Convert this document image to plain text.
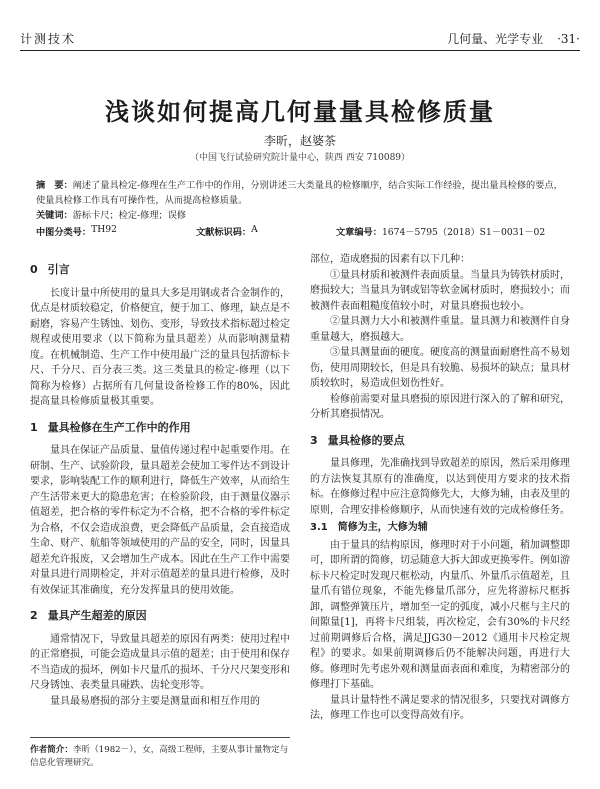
计测技术	几何量、光学专业 ·31·
浅谈如何提高几何量量具检修质量
李昕，赵婆茶
（中国飞行试验研究院计量中心，陕西 西安 710089）
摘　要：阐述了量具检定-修理在生产工作中的作用，分别讲述三大类量具的检修顺序，结合实际工作经验，提出量具检修的要点，使量具检修工作具有可操作性，从而提高检修质量。
关键词：游标卡尺；检定-修理；误修
中图分类号： TH92	文献标识码： A	文章编号： 1674－5795（2018）S1－0031－02
0 引言

长度计量中所使用的量具大多是用钢或者合金制作的，优点是材质较稳定，价格便宜，便于加工、修理，缺点是不耐磨，容易产生锈蚀、划伤、变形，导致技术指标超过检定规程或使用要求（以下简称为量具超差）从而影响测量精度。在机械制造、生产工作中使用最广泛的量具包括游标卡尺、千分尺、百分表三类。这三类量具的检定-修理（以下简称为检修）占据所有几何量设备检修工作的80%，因此提高量具检修质量极其重要。

1 量具检修在生产工作中的作用

量具在保证产品质量、量值传递过程中起重要作用。在研制、生产、试验阶段，量具超差会使加工零件达不到设计要求，影响装配工作的顺利进行，降低生产效率，从而给生产生活带来更大的隐患危害；在检验阶段，由于测量仪器示值超差，把合格的零件标定为不合格，把不合格的零件标定为合格，不仅会造成浪费，更会降低产品质量，会直接造成生命、财产、航船等领域使用的产品的安全，同时，因量具超差允许报废，又会增加生产成本。因此在生产工作中需要对量具进行周期检定，并对示值超差的量具进行检修，及时有效保证其准确度，充分发挥量具的使用效能。

2 量具产生超差的原因

通常情况下，导致量具超差的原因有两类：使用过程中的正常磨损，可能会造成量具示值的超差；由于使用和保存不当造成的损坏，例如卡尺量爪的损坏、千分尺尺架变形和尺身锈蚀、表类量具碰跌、齿轮变形等。

量具最易磨损的部分主要是测量面和相互作用的

部位，造成磨损的因素有以下几种：

①量具材质和被测件表面质量。当量具为铸铁材质时，磨损较大；当量具为钢或铝等软金属材质时，磨损较小；而被测件表面粗糙度值较小时，对量具磨损也较小。

②量具测力大小和被测件重量。量具测力和被测件自身重量越大，磨损越大。

③量具测量面的硬度。硬度高的测量面耐磨性高不易划伤，使用周期较长，但是具有较脆、易损坏的缺点；量具材质较软时，易造成但划伤性好。

检修前需要对量具磨损的原因进行深入的了解和研究，分析其磨损情况。

3 量具检修的要点

量具修理，先准确找到导致超差的原因，然后采用修理的方法恢复其原有的准确度，以达到使用方要求的技术指标。在修修过程中应注意简修先大，大修为辅，由表及里的原则，合理安排检修顺序，从而快速有效的完成检修任务。

3.1　简修为主，大修为辅

由于量具的结构原因，修理时对于小问题，稍加调整即可，即所谓的简修，切忌随意大拆大卸或更换零件。例如游标卡尺检定时发现尺框松动，内量爪、外量爪示值超差，且量爪有错位现象，不能先修量爪部分，应先将游标尺框拆卸，调整弹簧压片，增加至一定的弧度，减小尺框与主尺的间隙量[1]，再将卡尺组装，再次检定，会有30%的卡尺经过前期调修后合格，满足JJG30－2012《通用卡尺检定规程》的要求。如果前期调修后仍不能解决问题，再进行大修。修理时先考虑外观和测量面表面和难度，为精密部分的修理打下基础。

量具计量特性不满足要求的情况很多，只要找对调修方法，修理工作也可以变得高效有序。

作者简介：李昕（1982－），女，高级工程师，主要从事计量物定与信息化管理研究。
